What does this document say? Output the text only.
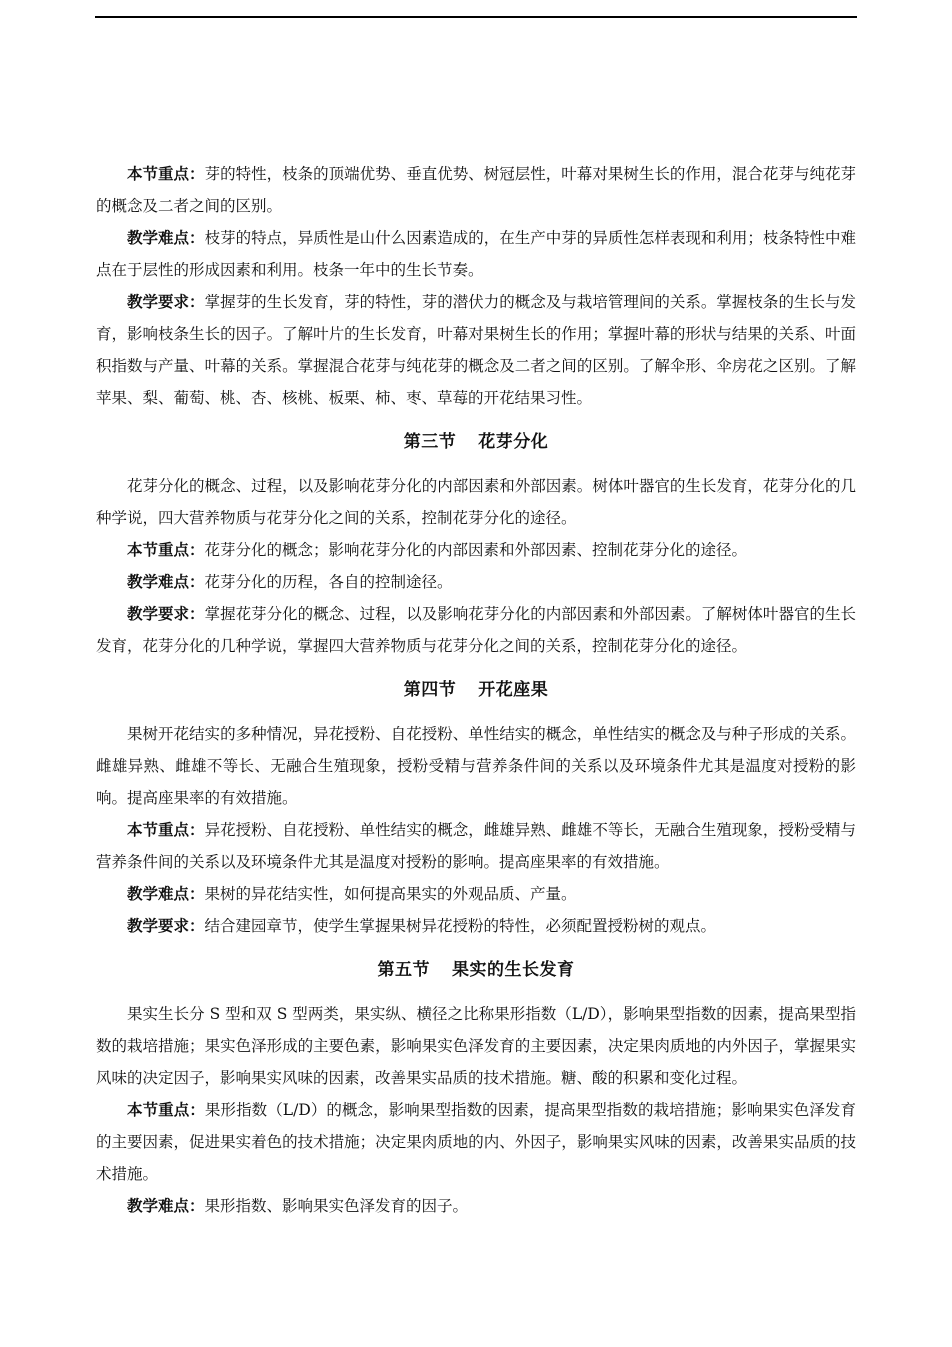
本节重点：芽的特性，枝条的顶端优势、垂直优势、树冠层性，叶幕对果树生长的作用，混合花芽与纯花芽的概念及二者之间的区别。

教学难点：枝芽的特点，异质性是山什么因素造成的，在生产中芽的异质性怎样表现和利用；枝条特性中难点在于层性的形成因素和利用。枝条一年中的生长节奏。

教学要求：掌握芽的生长发育，芽的特性，芽的潜伏力的概念及与栽培管理间的关系。掌握枝条的生长与发育，影响枝条生长的因子。了解叶片的生长发育，叶幕对果树生长的作用；掌握叶幕的形状与结果的关系、叶面积指数与产量、叶幕的关系。掌握混合花芽与纯花芽的概念及二者之间的区别。了解伞形、伞房花之区别。了解苹果、梨、葡萄、桃、杏、核桃、板栗、柿、枣、草莓的开花结果习性。

第三节 花芽分化

花芽分化的概念、过程，以及影响花芽分化的内部因素和外部因素。树体叶器官的生长发育，花芽分化的几种学说，四大营养物质与花芽分化之间的关系，控制花芽分化的途径。

本节重点：花芽分化的概念；影响花芽分化的内部因素和外部因素、控制花芽分化的途径。

教学难点：花芽分化的历程，各自的控制途径。

教学要求：掌握花芽分化的概念、过程，以及影响花芽分化的内部因素和外部因素。了解树体叶器官的生长发育，花芽分化的几种学说，掌握四大营养物质与花芽分化之间的关系，控制花芽分化的途径。

第四节 开花座果

果树开花结实的多种情况，异花授粉、自花授粉、单性结实的概念，单性结实的概念及与种子形成的关系。雌雄异熟、雌雄不等长、无融合生殖现象，授粉受精与营养条件间的关系以及环境条件尤其是温度对授粉的影响。提高座果率的有效措施。

本节重点：异花授粉、自花授粉、单性结实的概念，雌雄异熟、雌雄不等长，无融合生殖现象，授粉受精与营养条件间的关系以及环境条件尤其是温度对授粉的影响。提高座果率的有效措施。

教学难点：果树的异花结实性，如何提高果实的外观品质、产量。

教学要求：结合建园章节，使学生掌握果树异花授粉的特性，必须配置授粉树的观点。

第五节 果实的生长发育

果实生长分 S 型和双 S 型两类，果实纵、横径之比称果形指数（L/D），影响果型指数的因素，提高果型指数的栽培措施；果实色泽形成的主要色素，影响果实色泽发育的主要因素，决定果肉质地的内外因子，掌握果实风味的决定因子，影响果实风味的因素，改善果实品质的技术措施。糖、酸的积累和变化过程。

本节重点：果形指数（L/D）的概念，影响果型指数的因素，提高果型指数的栽培措施；影响果实色泽发育的主要因素，促进果实着色的技术措施；决定果肉质地的内、外因子，影响果实风味的因素，改善果实品质的技术措施。

教学难点：果形指数、影响果实色泽发育的因子。
